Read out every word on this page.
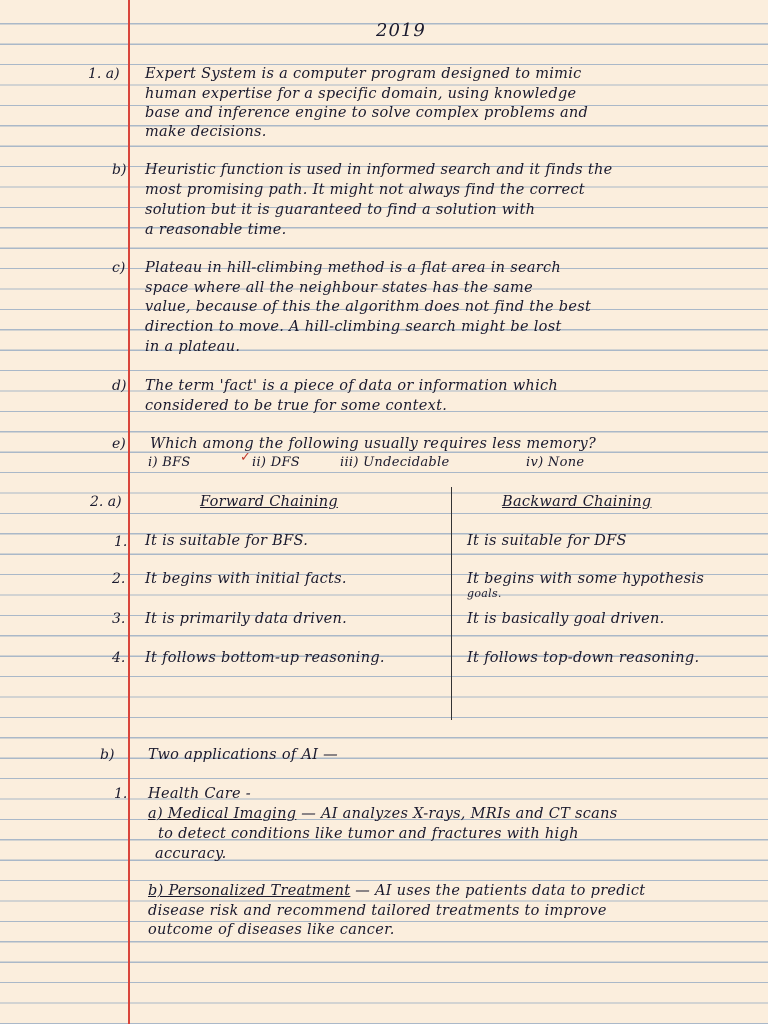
2019
1. a) Expert System is a computer program designed to mimic
human expertise for a specific domain, using knowledge
base and inference engine to solve complex problems and
make decisions.
b) Heuristic function is used in informed search and it finds the
most promising path. It might not always find the correct
solution but it is guaranteed to find a solution with
a reasonable time.
c) Plateau in hill-climbing method is a flat area in search
space where all the neighbour states has the same
value, because of this the algorithm does not find the best
direction to move. A hill-climbing search might be lost
in a plateau.
d) The term 'fact' is a piece of data or information which
considered to be true for some context.
e) Which among the following usually requires less memory?
i) BFS	✓ ii) DFS	iii) Undecidable	iv) None
2. a)	Forward Chaining	Backward Chaining
1. It is suitable for BFS.	It is suitable for DFS
2. It begins with initial facts.	It begins with some hypothesis
goals.
3. It is primarily data driven.	It is basically goal driven.
4. It follows bottom-up reasoning.	It follows top-down reasoning.
b) Two applications of AI —
1. Health Care -
a) Medical Imaging — AI analyzes X-rays, MRIs and CT scans
to detect conditions like tumor and fractures with high
accuracy.
b) Personalized Treatment — AI uses the patients data to predict
disease risk and recommend tailored treatments to improve
outcome of diseases like cancer.
